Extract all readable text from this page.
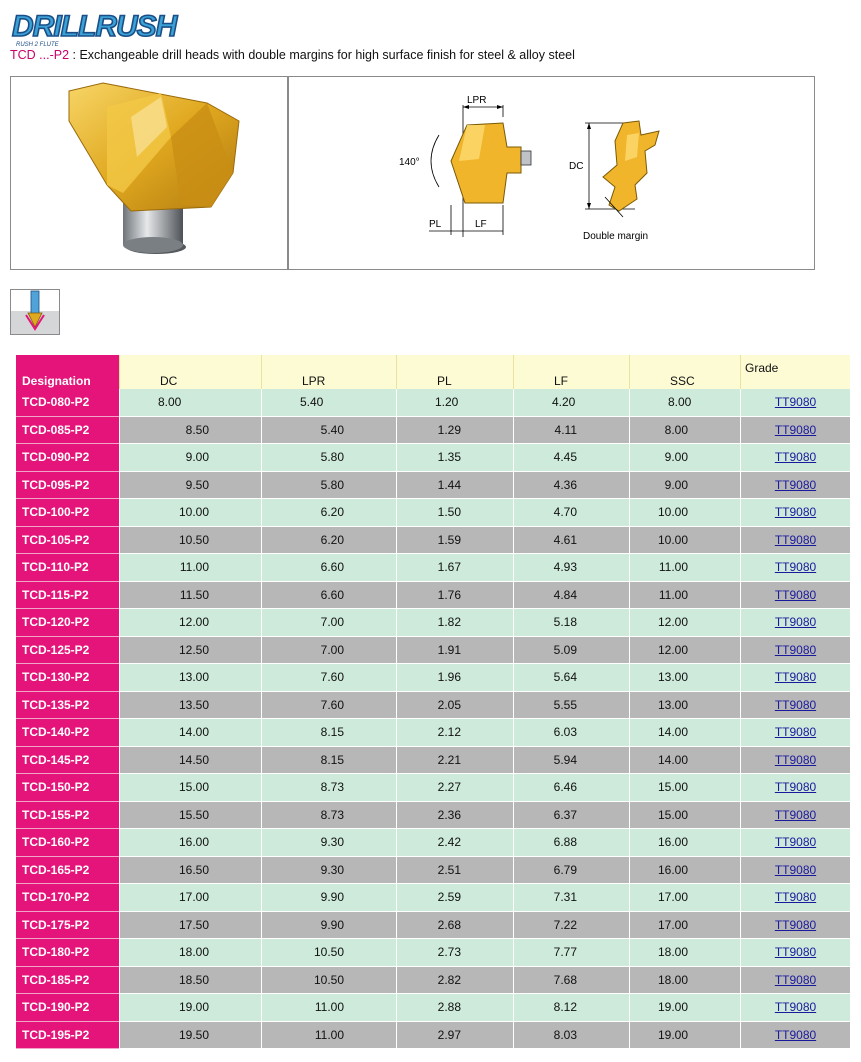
DRILLRUSH
RUSH 2 FLUTE
TCD ...-P2 : Exchangeable drill heads with double margins for high surface finish for steel & alloy steel
LPR
140°
PL	LF
DC
Double margin
Designation	DC	LPR	PL	LF	SSC	Grade
TCD-080-P2	8.00	5.40	1.20	4.20	8.00	TT9080
TCD-085-P2	8.50	5.40	1.29	4.11	8.00	TT9080
TCD-090-P2	9.00	5.80	1.35	4.45	9.00	TT9080
TCD-095-P2	9.50	5.80	1.44	4.36	9.00	TT9080
TCD-100-P2	10.00	6.20	1.50	4.70	10.00	TT9080
TCD-105-P2	10.50	6.20	1.59	4.61	10.00	TT9080
TCD-110-P2	11.00	6.60	1.67	4.93	11.00	TT9080
TCD-115-P2	11.50	6.60	1.76	4.84	11.00	TT9080
TCD-120-P2	12.00	7.00	1.82	5.18	12.00	TT9080
TCD-125-P2	12.50	7.00	1.91	5.09	12.00	TT9080
TCD-130-P2	13.00	7.60	1.96	5.64	13.00	TT9080
TCD-135-P2	13.50	7.60	2.05	5.55	13.00	TT9080
TCD-140-P2	14.00	8.15	2.12	6.03	14.00	TT9080
TCD-145-P2	14.50	8.15	2.21	5.94	14.00	TT9080
TCD-150-P2	15.00	8.73	2.27	6.46	15.00	TT9080
TCD-155-P2	15.50	8.73	2.36	6.37	15.00	TT9080
TCD-160-P2	16.00	9.30	2.42	6.88	16.00	TT9080
TCD-165-P2	16.50	9.30	2.51	6.79	16.00	TT9080
TCD-170-P2	17.00	9.90	2.59	7.31	17.00	TT9080
TCD-175-P2	17.50	9.90	2.68	7.22	17.00	TT9080
TCD-180-P2	18.00	10.50	2.73	7.77	18.00	TT9080
TCD-185-P2	18.50	10.50	2.82	7.68	18.00	TT9080
TCD-190-P2	19.00	11.00	2.88	8.12	19.00	TT9080
TCD-195-P2	19.50	11.00	2.97	8.03	19.00	TT9080
